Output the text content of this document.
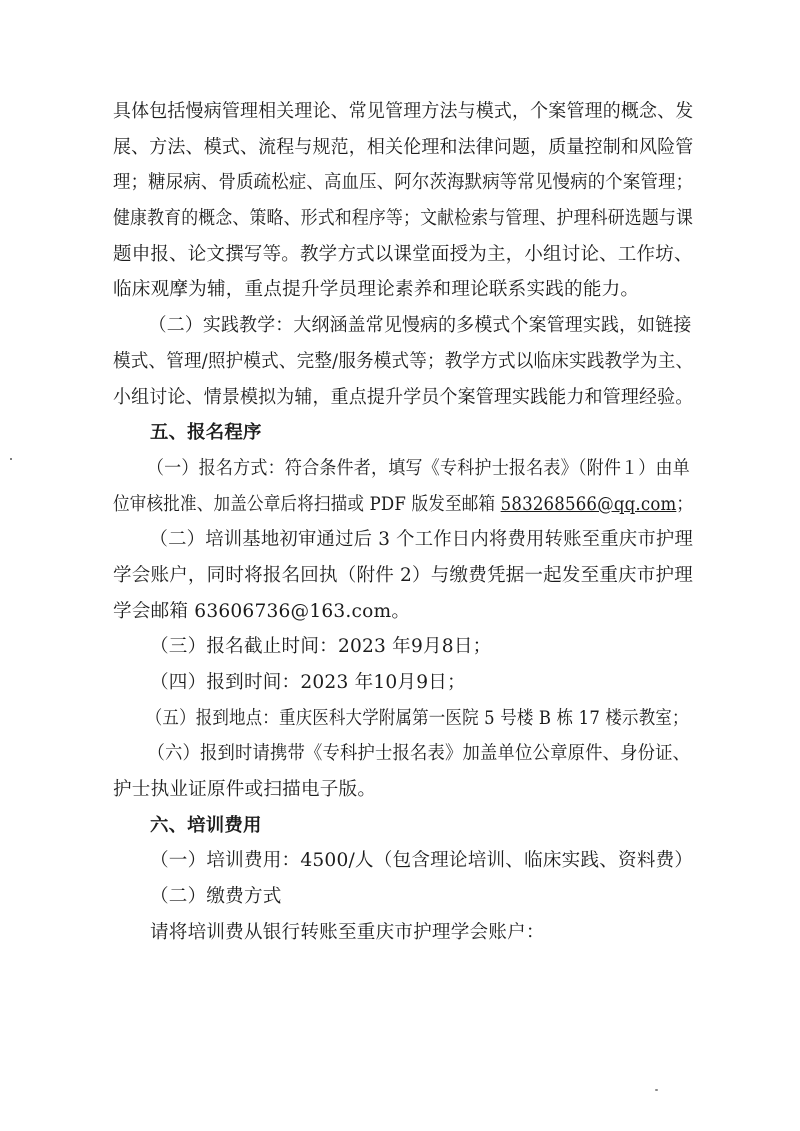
具体包括慢病管理相关理论、常见管理方法与模式，个案管理的概念、发
展、方法、模式、流程与规范，相关伦理和法律问题，质量控制和风险管
理；糖尿病、骨质疏松症、高血压、阿尔茨海默病等常见慢病的个案管理；
健康教育的概念、策略、形式和程序等；文献检索与管理、护理科研选题与课
题申报、论文撰写等。教学方式以课堂面授为主，小组讨论、工作坊、
临床观摩为辅，重点提升学员理论素养和理论联系实践的能力。
（二）实践教学：大纲涵盖常见慢病的多模式个案管理实践，如链接
模式、管理/照护模式、完整/服务模式等；教学方式以临床实践教学为主、
小组讨论、情景模拟为辅，重点提升学员个案管理实践能力和管理经验。
五、报名程序
（一）报名方式：符合条件者，填写《专科护士报名表》（附件１）由单
位审核批准、加盖公章后将扫描或 PDF 版发至邮箱 583268566@qq.com；
（二）培训基地初审通过后 3 个工作日内将费用转账至重庆市护理
学会账户，同时将报名回执（附件 2）与缴费凭据一起发至重庆市护理
学会邮箱 63606736@163.com。
（三）报名截止时间：2023 年9月8日；
（四）报到时间：2023 年10月9日；
（五）报到地点：重庆医科大学附属第一医院 5 号楼 B 栋 17 楼示教室；
（六）报到时请携带《专科护士报名表》加盖单位公章原件、身份证、
护士执业证原件或扫描电子版。
六、培训费用
（一）培训费用：4500/人（包含理论培训、临床实践、资料费）
（二）缴费方式
请将培训费从银行转账至重庆市护理学会账户：
